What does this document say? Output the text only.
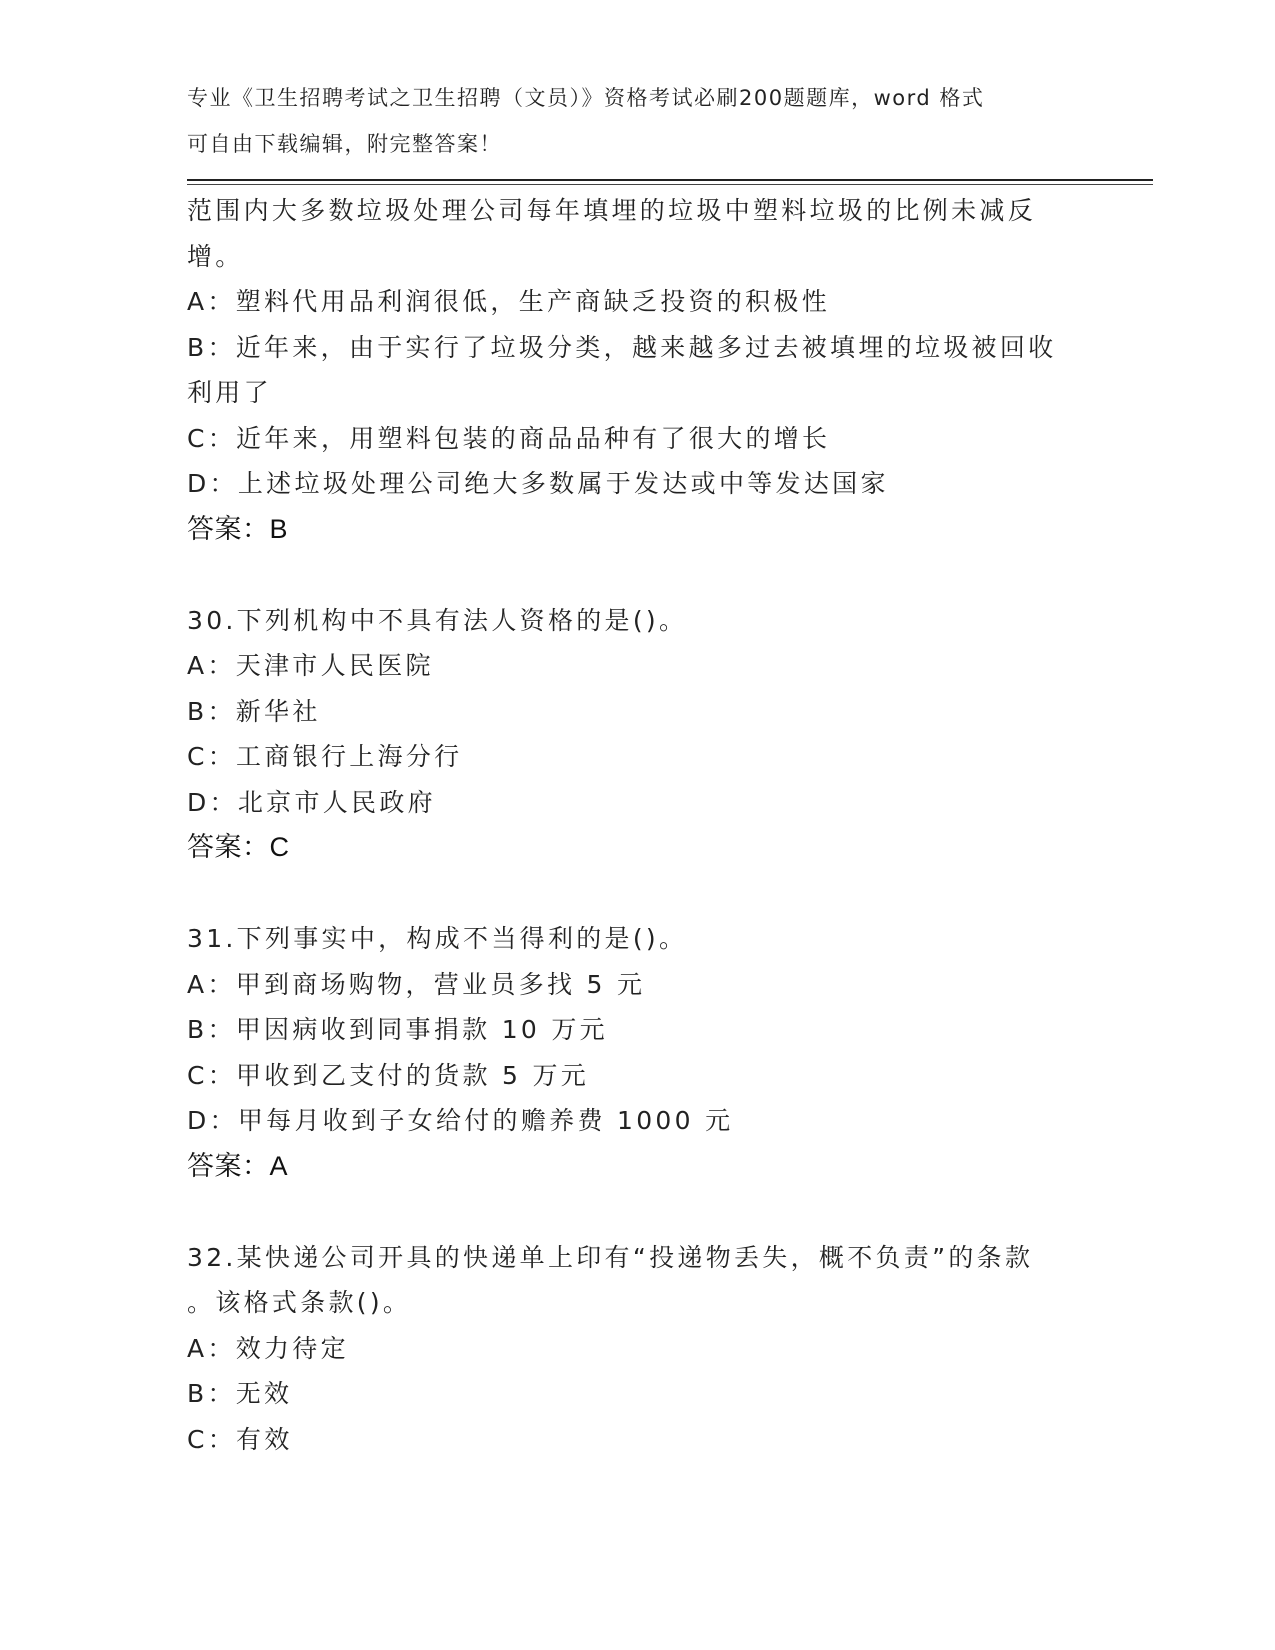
专业《卫生招聘考试之卫生招聘（文员）》资格考试必刷200题题库，word 格式
可自由下载编辑，附完整答案！
范围内大多数垃圾处理公司每年填埋的垃圾中塑料垃圾的比例未减反
增。
A：塑料代用品利润很低，生产商缺乏投资的积极性
B：近年来，由于实行了垃圾分类，越来越多过去被填埋的垃圾被回收
利用了
C：近年来，用塑料包装的商品品种有了很大的增长
D：上述垃圾处理公司绝大多数属于发达或中等发达国家
答案：B
30.下列机构中不具有法人资格的是()。
A：天津市人民医院
B：新华社
C：工商银行上海分行
D：北京市人民政府
答案：C
31.下列事实中，构成不当得利的是()。
A：甲到商场购物，营业员多找 5 元
B：甲因病收到同事捐款 10 万元
C：甲收到乙支付的货款 5 万元
D：甲每月收到子女给付的赡养费 1000 元
答案：A
32.某快递公司开具的快递单上印有“投递物丢失，概不负责”的条款
。该格式条款()。
A：效力待定
B：无效
C：有效
